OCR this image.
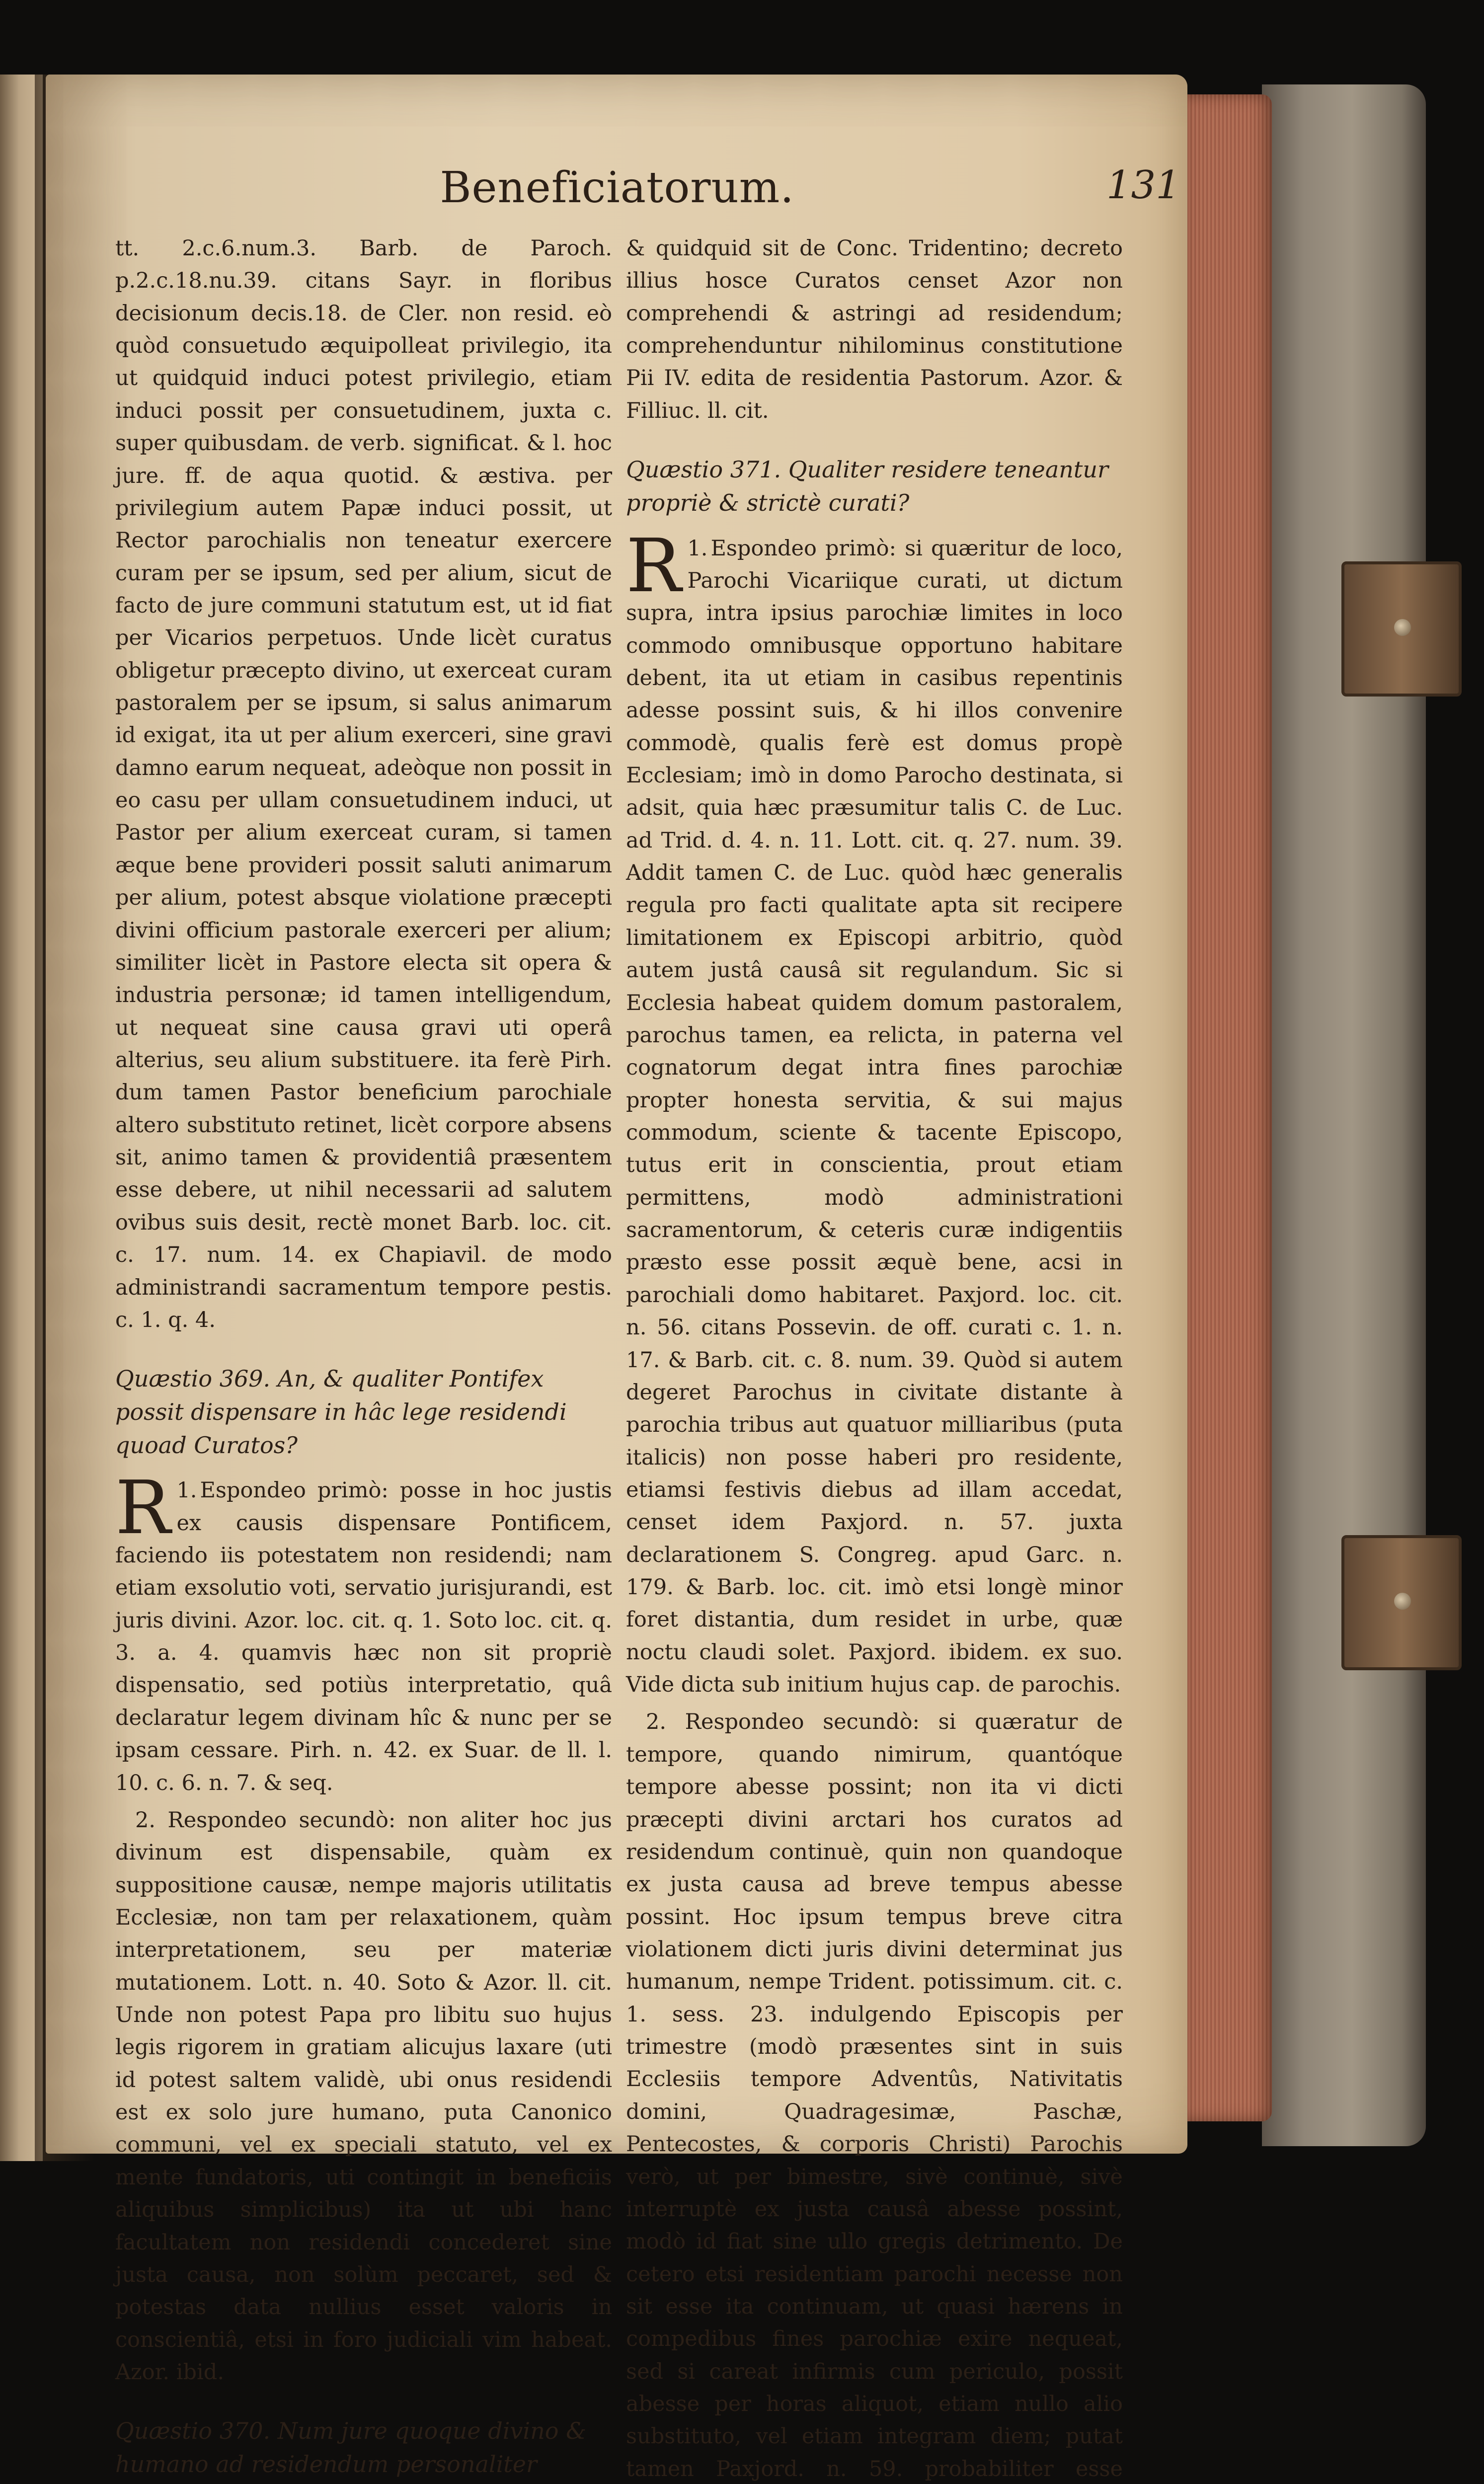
Beneficiatorum.	131

tt. 2.c.6.num.3. Barb. de Paroch. p.2.c.18.nu.39. citans Sayr. in floribus decisionum decis.18. de Cler. non resid. eò quòd consuetudo æquipolleat privilegio, ita ut quidquid induci potest privilegio, etiam induci possit per consuetudinem, juxta c. super quibusdam. de verb. significat. & l. hoc jure. ff. de aqua quotid. & æstiva. per privilegium autem Papæ induci possit, ut Rector parochialis non teneatur exercere curam per se ipsum, sed per alium, sicut de facto de jure communi statutum est, ut id fiat per Vicarios perpetuos. Unde licèt curatus obligetur præcepto divino, ut exerceat curam pastoralem per se ipsum, si salus animarum id exigat, ita ut per alium exerceri, sine gravi damno earum nequeat, adeòque non possit in eo casu per ullam consuetudinem induci, ut Pastor per alium exerceat curam, si tamen æque bene provideri possit saluti animarum per alium, potest absque violatione præcepti divini officium pastorale exerceri per alium; similiter licèt in Pastore electa sit opera & industria personæ; id tamen intelligendum, ut nequeat sine causa gravi uti operâ alterius, seu alium substituere. ita ferè Pirh. dum tamen Pastor beneficium parochiale altero substituto retinet, licèt corpore absens sit, animo tamen & providentiâ præsentem esse debere, ut nihil necessarii ad salutem ovibus suis desit, rectè monet Barb. loc. cit. c. 17. num. 14. ex Chapiavil. de modo administrandi sacramentum tempore pestis. c. 1. q. 4.

Quæstio 369. An, & qualiter Pontifex possit dispensare in hâc lege residendi quoad Curatos?

1.
R Espondeo primò: posse in hoc justis ex causis dispensare Pontificem, faciendo iis potestatem non residendi; nam etiam exsolutio voti, servatio jurisjurandi, est juris divini. Azor. loc. cit. q. 1. Soto loc. cit. q. 3. a. 4. quamvis hæc non sit propriè dispensatio, sed potiùs interpretatio, quâ declaratur legem divinam hîc & nunc per se ipsam cessare. Pirh. n. 42. ex Suar. de ll. l. 10. c. 6. n. 7. & seq.

2. Respondeo secundò: non aliter hoc jus divinum est dispensabile, quàm ex suppositione causæ, nempe majoris utilitatis Ecclesiæ, non tam per relaxationem, quàm interpretationem, seu per materiæ mutationem. Lott. n. 40. Soto & Azor. ll. cit. Unde non potest Papa pro libitu suo hujus legis rigorem in gratiam alicujus laxare (uti id potest saltem validè, ubi onus residendi est ex solo jure humano, puta Canonico communi, vel ex speciali statuto, vel ex mente fundatoris, uti contingit in beneficiis aliquibus simplicibus) ita ut ubi hanc facultatem non residendi concederet sine justa causa, non solùm peccaret, sed & potestas data nullius esset valoris in conscientiâ, etsi in foro judiciali vim habeat. Azor. ibid.

Quæstio 370. Num jure quoque divino & humano ad residendum personaliter

& quidquid sit de Conc. Tridentino; decreto illius hosce Curatos censet Azor non comprehendi & astringi ad residendum; comprehenduntur nihilominus constitutione Pii IV. edita de residentia Pastorum. Azor. & Filliuc. ll. cit.

Quæstio 371. Qualiter residere teneantur propriè & strictè curati?

1.
R Espondeo primò: si quæritur de loco, Parochi Vicariique curati, ut dictum supra, intra ipsius parochiæ limites in loco commodo omnibusque opportuno habitare debent, ita ut etiam in casibus repentinis adesse possint suis, & hi illos convenire commodè, qualis ferè est domus propè Ecclesiam; imò in domo Parocho destinata, si adsit, quia hæc præsumitur talis C. de Luc. ad Trid. d. 4. n. 11. Lott. cit. q. 27. num. 39. Addit tamen C. de Luc. quòd hæc generalis regula pro facti qualitate apta sit recipere limitationem ex Episcopi arbitrio, quòd autem justâ causâ sit regulandum. Sic si Ecclesia habeat quidem domum pastoralem, parochus tamen, ea relicta, in paterna vel cognatorum degat intra fines parochiæ propter honesta servitia, & sui majus commodum, sciente & tacente Episcopo, tutus erit in conscientia, prout etiam permittens, modò administrationi sacramentorum, & ceteris curæ indigentiis præsto esse possit æquè bene, acsi in parochiali domo habitaret. Paxjord. loc. cit. n. 56. citans Possevin. de off. curati c. 1. n. 17. & Barb. cit. c. 8. num. 39. Quòd si autem degeret Parochus in civitate distante à parochia tribus aut quatuor milliaribus (puta italicis) non posse haberi pro residente, etiamsi festivis diebus ad illam accedat, censet idem Paxjord. n. 57. juxta declarationem S. Congreg. apud Garc. n. 179. & Barb. loc. cit. imò etsi longè minor foret distantia, dum residet in urbe, quæ noctu claudi solet. Paxjord. ibidem. ex suo. Vide dicta sub initium hujus cap. de parochis.

2. Respondeo secundò: si quæratur de tempore, quando nimirum, quantóque tempore abesse possint; non ita vi dicti præcepti divini arctari hos curatos ad residendum continuè, quin non quandoque ex justa causa ad breve tempus abesse possint. Hoc ipsum tempus breve citra violationem dicti juris divini determinat jus humanum, nempe Trident. potissimum. cit. c. 1. sess. 23. indulgendo Episcopis per trimestre (modò præsentes sint in suis Ecclesiis tempore Adventûs, Nativitatis domini, Quadragesimæ, Paschæ, Pentecostes, & corporis Christi) Parochis verò, ut per bimestre, sivè continuè, sivè interruptè ex justa causâ abesse possint, modò id fiat sine ullo gregis detrimento. De cetero etsi residentiam parochi necesse non sit esse ita continuam, ut quasi hærens in compedibus fines parochiæ exire nequeat, sed si careat infirmis cum periculo, possit abesse per horas aliquot, etiam nullo alio substituto, vel etiam integram diem; putat tamen Paxjord. n. 59. probabiliter esse
